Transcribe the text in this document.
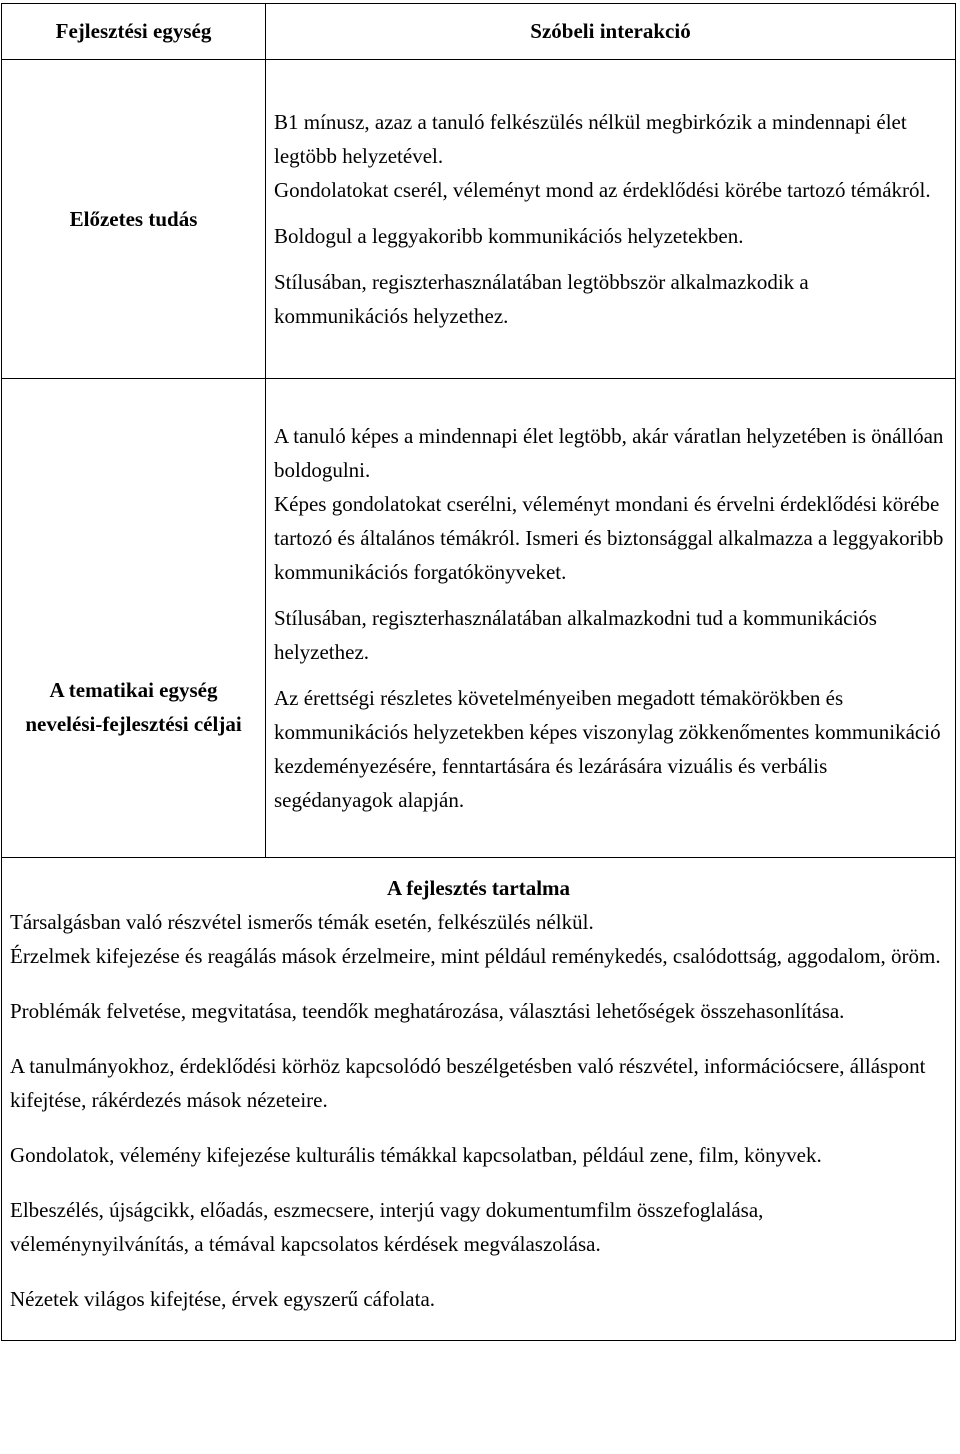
Fejlesztési egység	Szóbeli interakció
Előzetes tudás	B1 mínusz, azaz a tanuló felkészülés nélkül megbirkózik a mindennapi élet legtöbb helyzetével.

Gondolatokat cserél, véleményt mond az érdeklődési körébe tartozó témákról.

Boldogul a leggyakoribb kommunikációs helyzetekben.

Stílusában, regiszterhasználatában legtöbbször alkalmazkodik a kommunikációs helyzethez.

A tematikai egység nevelési-fejlesztési céljai	A tanuló képes a mindennapi élet legtöbb, akár váratlan helyzetében is önállóan boldogulni.

Képes gondolatokat cserélni, véleményt mondani és érvelni érdeklődési körébe tartozó és általános témákról. Ismeri és biztonsággal alkalmazza a leggyakoribb kommunikációs forgatókönyveket.

Stílusában, regiszterhasználatában alkalmazkodni tud a kommunikációs helyzethez.

Az érettségi részletes követelményeiben megadott témakörökben és kommunikációs helyzetekben képes viszonylag zökkenőmentes kommunikáció kezdeményezésére, fenntartására és lezárására vizuális és verbális segédanyagok alapján.

A fejlesztés tartalma

Társalgásban való részvétel ismerős témák esetén, felkészülés nélkül.

Érzelmek kifejezése és reagálás mások érzelmeire, mint például reménykedés, csalódottság, aggodalom, öröm.

Problémák felvetése, megvitatása, teendők meghatározása, választási lehetőségek összehasonlítása.

A tanulmányokhoz, érdeklődési körhöz kapcsolódó beszélgetésben való részvétel, információcsere, álláspont kifejtése, rákérdezés mások nézeteire.

Gondolatok, vélemény kifejezése kulturális témákkal kapcsolatban, például zene, film, könyvek.

Elbeszélés, újságcikk, előadás, eszmecsere, interjú vagy dokumentumfilm összefoglalása, véleménynyilvánítás, a témával kapcsolatos kérdések megválaszolása.

Nézetek világos kifejtése, érvek egyszerű cáfolata.
